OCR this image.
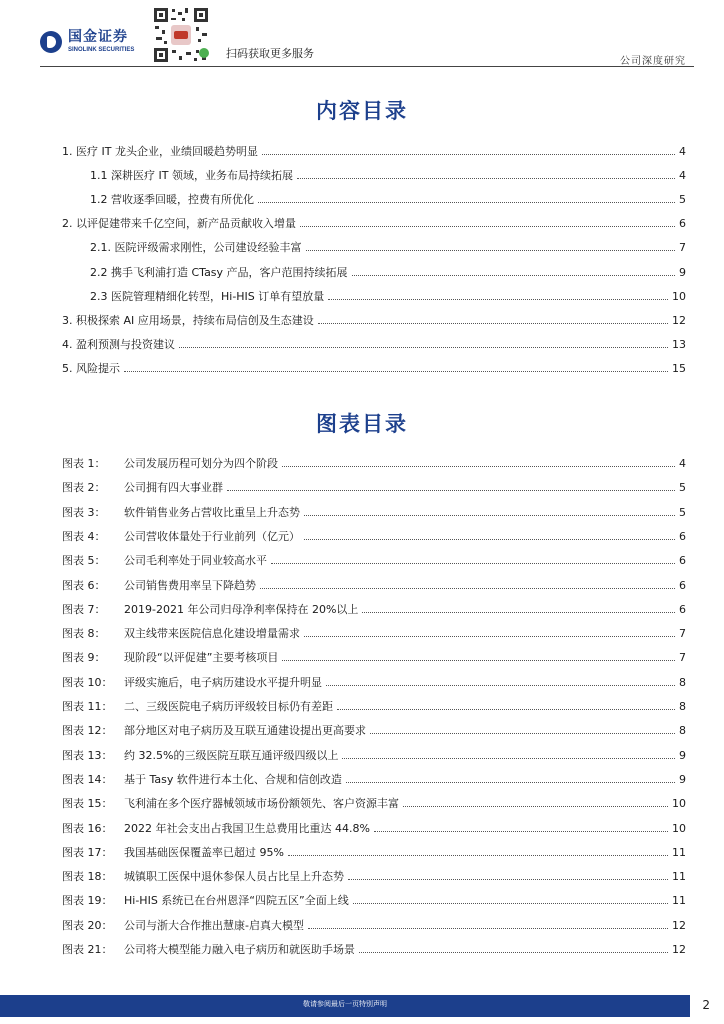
国金证券
SINOLINK SECURITIES	扫码获取更多服务
公司深度研究
内容目录
1. 医疗 IT 龙头企业，业绩回暖趋势明显	4
1.1 深耕医疗 IT 领域，业务布局持续拓展	4
1.2 营收逐季回暖，控费有所优化	5
2. 以评促建带来千亿空间，新产品贡献收入增量	6
2.1. 医院评级需求刚性，公司建设经验丰富	7
2.2 携手飞利浦打造 CTasy 产品，客户范围持续拓展	9
2.3 医院管理精细化转型，Hi-HIS 订单有望放量	10
3. 积极探索 AI 应用场景，持续布局信创及生态建设	12
4. 盈利预测与投资建议	13
5. 风险提示	15
图表目录
图表 1： 公司发展历程可划分为四个阶段	4
图表 2： 公司拥有四大事业群	5
图表 3： 软件销售业务占营收比重呈上升态势	5
图表 4： 公司营收体量处于行业前列（亿元）	6
图表 5： 公司毛利率处于同业较高水平	6
图表 6： 公司销售费用率呈下降趋势	6
图表 7： 2019-2021 年公司归母净利率保持在 20%以上	6
图表 8： 双主线带来医院信息化建设增量需求	7
图表 9： 现阶段“以评促建”主要考核项目	7
图表 10： 评级实施后，电子病历建设水平提升明显	8
图表 11： 二、三级医院电子病历评级较目标仍有差距	8
图表 12： 部分地区对电子病历及互联互通建设提出更高要求	8
图表 13： 约 32.5%的三级医院互联互通评级四级以上	9
图表 14： 基于 Tasy 软件进行本土化、合规和信创改造	9
图表 15： 飞利浦在多个医疗器械领域市场份额领先、客户资源丰富	10
图表 16： 2022 年社会支出占我国卫生总费用比重达 44.8%	10
图表 17： 我国基础医保覆盖率已超过 95%	11
图表 18： 城镇职工医保中退休参保人员占比呈上升态势	11
图表 19： Hi-HIS 系统已在台州恩泽“四院五区”全面上线	11
图表 20： 公司与浙大合作推出慧康-启真大模型	12
图表 21： 公司将大模型能力融入电子病历和就医助手场景	12
敬请参阅最后一页特别声明	2
